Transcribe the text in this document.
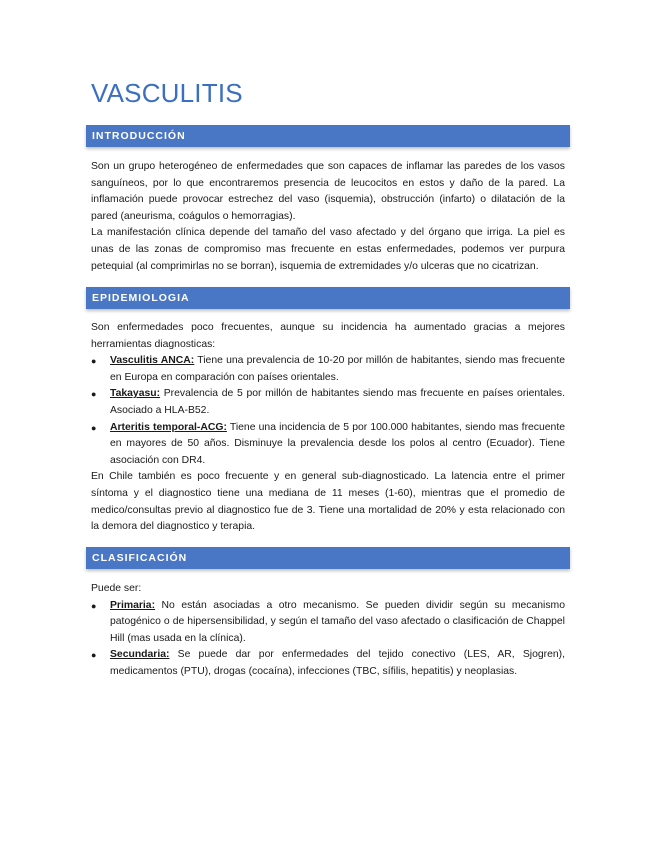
VASCULITIS
INTRODUCCIÓN

Son un grupo heterogéneo de enfermedades que son capaces de inflamar las paredes de los vasos sanguíneos, por lo que encontraremos presencia de leucocitos en estos y daño de la pared. La inflamación puede provocar estrechez del vaso (isquemia), obstrucción (infarto) o dilatación de la pared (aneurisma, coágulos o hemorragias).

La manifestación clínica depende del tamaño del vaso afectado y del órgano que irriga. La piel es unas de las zonas de compromiso mas frecuente en estas enfermedades, podemos ver purpura petequial (al comprimirlas no se borran), isquemia de extremidades y/o ulceras que no cicatrizan.

EPIDEMIOLOGIA

Son enfermedades poco frecuentes, aunque su incidencia ha aumentado gracias a mejores herramientas diagnosticas:

● Vasculitis ANCA: Tiene una prevalencia de 10-20 por millón de habitantes, siendo mas frecuente en Europa en comparación con países orientales.
● Takayasu: Prevalencia de 5 por millón de habitantes siendo mas frecuente en países orientales. Asociado a HLA-B52.
● Arteritis temporal-ACG: Tiene una incidencia de 5 por 100.000 habitantes, siendo mas frecuente en mayores de 50 años. Disminuye la prevalencia desde los polos al centro (Ecuador). Tiene asociación con DR4.

En Chile también es poco frecuente y en general sub-diagnosticado. La latencia entre el primer síntoma y el diagnostico tiene una mediana de 11 meses (1-60), mientras que el promedio de medico/consultas previo al diagnostico fue de 3. Tiene una mortalidad de 20% y esta relacionado con la demora del diagnostico y terapia.

CLASIFICACIÓN

Puede ser:

● Primaria: No están asociadas a otro mecanismo. Se pueden dividir según su mecanismo patogénico o de hipersensibilidad, y según el tamaño del vaso afectado o clasificación de Chappel Hill (mas usada en la clínica).
● Secundaria: Se puede dar por enfermedades del tejido conectivo (LES, AR, Sjogren), medicamentos (PTU), drogas (cocaína), infecciones (TBC, sífilis, hepatitis) y neoplasias.
